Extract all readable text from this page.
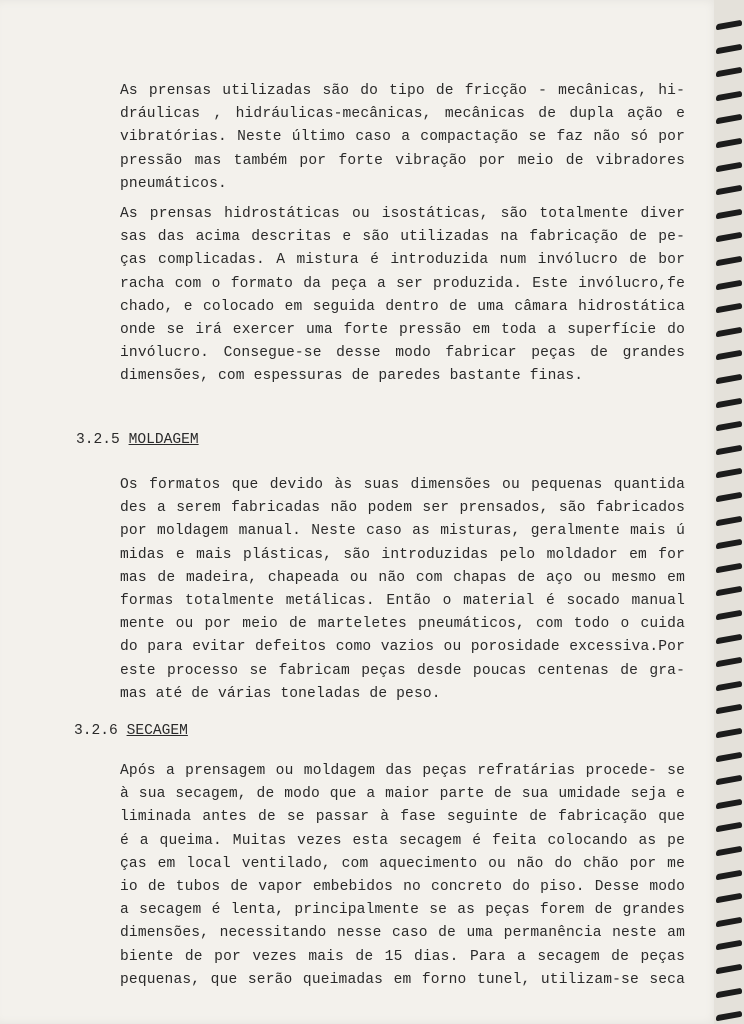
As prensas utilizadas são do tipo de fricção - mecânicas, hi-
dráulicas , hidráulicas-mecânicas, mecânicas de dupla ação e
vibratórias. Neste último caso a compactação se faz não só por
pressão mas também por forte vibração por meio de vibradores
pneumáticos.
As prensas hidrostáticas ou isostáticas, são totalmente diver
sas das acima descritas e são utilizadas na fabricação de pe-
ças complicadas. A mistura é introduzida num invólucro de bor
racha com o formato da peça a ser produzida. Este invólucro,fe
chado, e colocado em seguida dentro de uma câmara hidrostática
onde se irá exercer uma forte pressão em toda a superfície do
invólucro. Consegue-se desse modo fabricar peças de grandes
dimensões, com espessuras de paredes bastante finas.
3.2.5 MOLDAGEM
Os formatos que devido às suas dimensões ou pequenas quantida
des a serem fabricadas não podem ser prensados, são fabricados
por moldagem manual. Neste caso as misturas, geralmente mais ú
midas e mais plásticas, são introduzidas pelo moldador em for
mas de madeira, chapeada ou não com chapas de aço ou mesmo em
formas totalmente metálicas. Então o material é socado manual
mente ou por meio de marteletes pneumáticos, com todo o cuida
do para evitar defeitos como vazios ou porosidade excessiva.Por
este processo se fabricam peças desde poucas centenas de gra-
mas até de várias toneladas de peso.
3.2.6 SECAGEM
Após a prensagem ou moldagem das peças refratárias procede- se
à sua secagem, de modo que a maior parte de sua umidade seja e
liminada antes de se passar à fase seguinte de fabricação que
é a queima. Muitas vezes esta secagem é feita colocando as pe
ças em local ventilado, com aquecimento ou não do chão por me
io de tubos de vapor embebidos no concreto do piso. Desse modo
a secagem é lenta, principalmente se as peças forem de grandes
dimensões, necessitando nesse caso de uma permanência neste am
biente de por vezes mais de 15 dias. Para a secagem de peças
pequenas, que serão queimadas em forno tunel, utilizam-se seca
